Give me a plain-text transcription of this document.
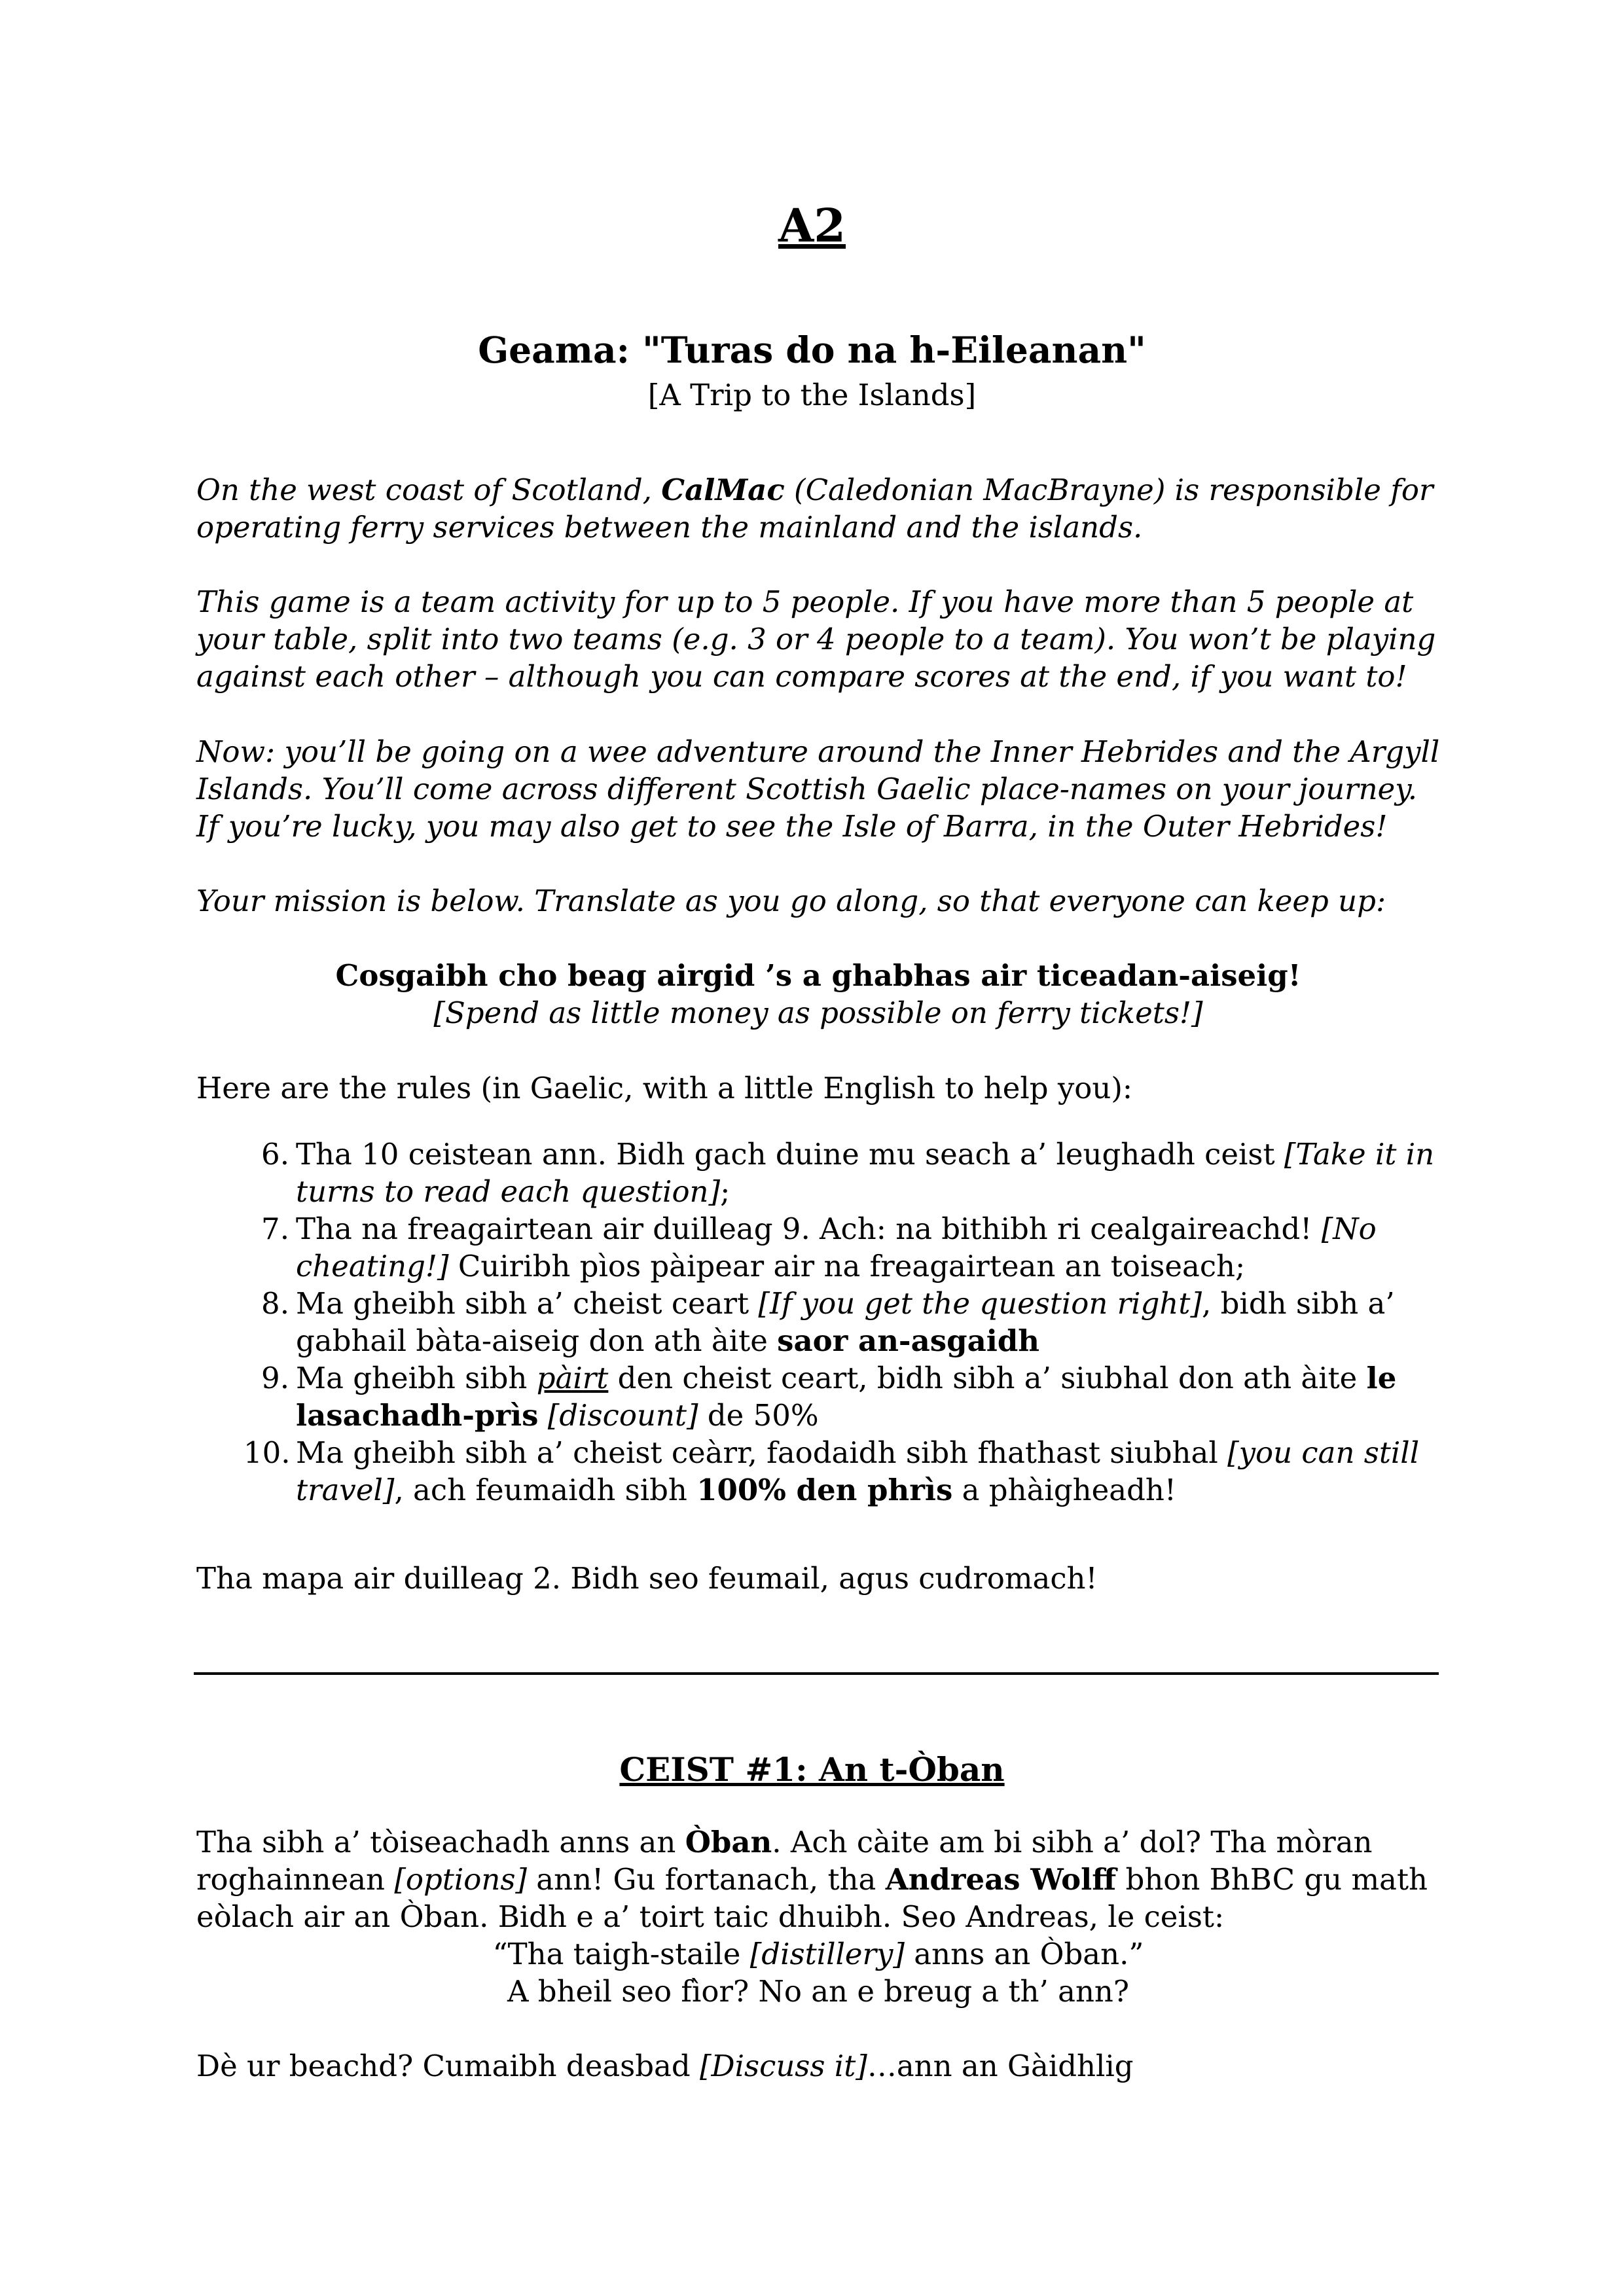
A2
Geama: "Turas do na h-Eileanan"
[A Trip to the Islands]

On the west coast of Scotland, CalMac (Caledonian MacBrayne) is responsible for operating ferry services between the mainland and the islands.

This game is a team activity for up to 5 people. If you have more than 5 people at your table, split into two teams (e.g. 3 or 4 people to a team). You won’t be playing against each other – although you can compare scores at the end, if you want to!

Now: you’ll be going on a wee adventure around the Inner Hebrides and the Argyll Islands. You’ll come across different Scottish Gaelic place-names on your journey. If you’re lucky, you may also get to see the Isle of Barra, in the Outer Hebrides!

Your mission is below. Translate as you go along, so that everyone can keep up:

Cosgaibh cho beag airgid ’s a ghabhas air ticeadan-aiseig!

[Spend as little money as possible on ferry tickets!]

Here are the rules (in Gaelic, with a little English to help you):

6 . Tha 10 ceistean ann. Bidh gach duine mu seach a’ leughadh ceist [Take it in turns to read each question];
7 . Tha na freagairtean air duilleag 9. Ach: na bithibh ri cealgaireachd! [No cheating!] Cuiribh pìos pàipear air na freagairtean an toiseach;
8 . Ma gheibh sibh a’ cheist ceart [If you get the question right], bidh sibh a’ gabhail bàta-aiseig don ath àite saor an-asgaidh
9 . Ma gheibh sibh pàirt den cheist ceart, bidh sibh a’ siubhal don ath àite le lasachadh-prìs [discount] de 50%
10 . Ma gheibh sibh a’ cheist ceàrr, faodaidh sibh fhathast siubhal [you can still travel], ach feumaidh sibh 100% den phrìs a phàigheadh!

Tha mapa air duilleag 2. Bidh seo feumail, agus cudromach!

CEIST #1: An t-Òban

Tha sibh a’ tòiseachadh anns an Òban. Ach càite am bi sibh a’ dol? Tha mòran roghainnean [options] ann! Gu fortanach, tha Andreas Wolff bhon BhBC gu math eòlach air an Òban. Bidh e a’ toirt taic dhuibh. Seo Andreas, le ceist:

“Tha taigh-staile [distillery] anns an Òban.”

A bheil seo fìor? No an e breug a th’ ann?

Dè ur beachd? Cumaibh deasbad [Discuss it]…ann an Gàidhlig
